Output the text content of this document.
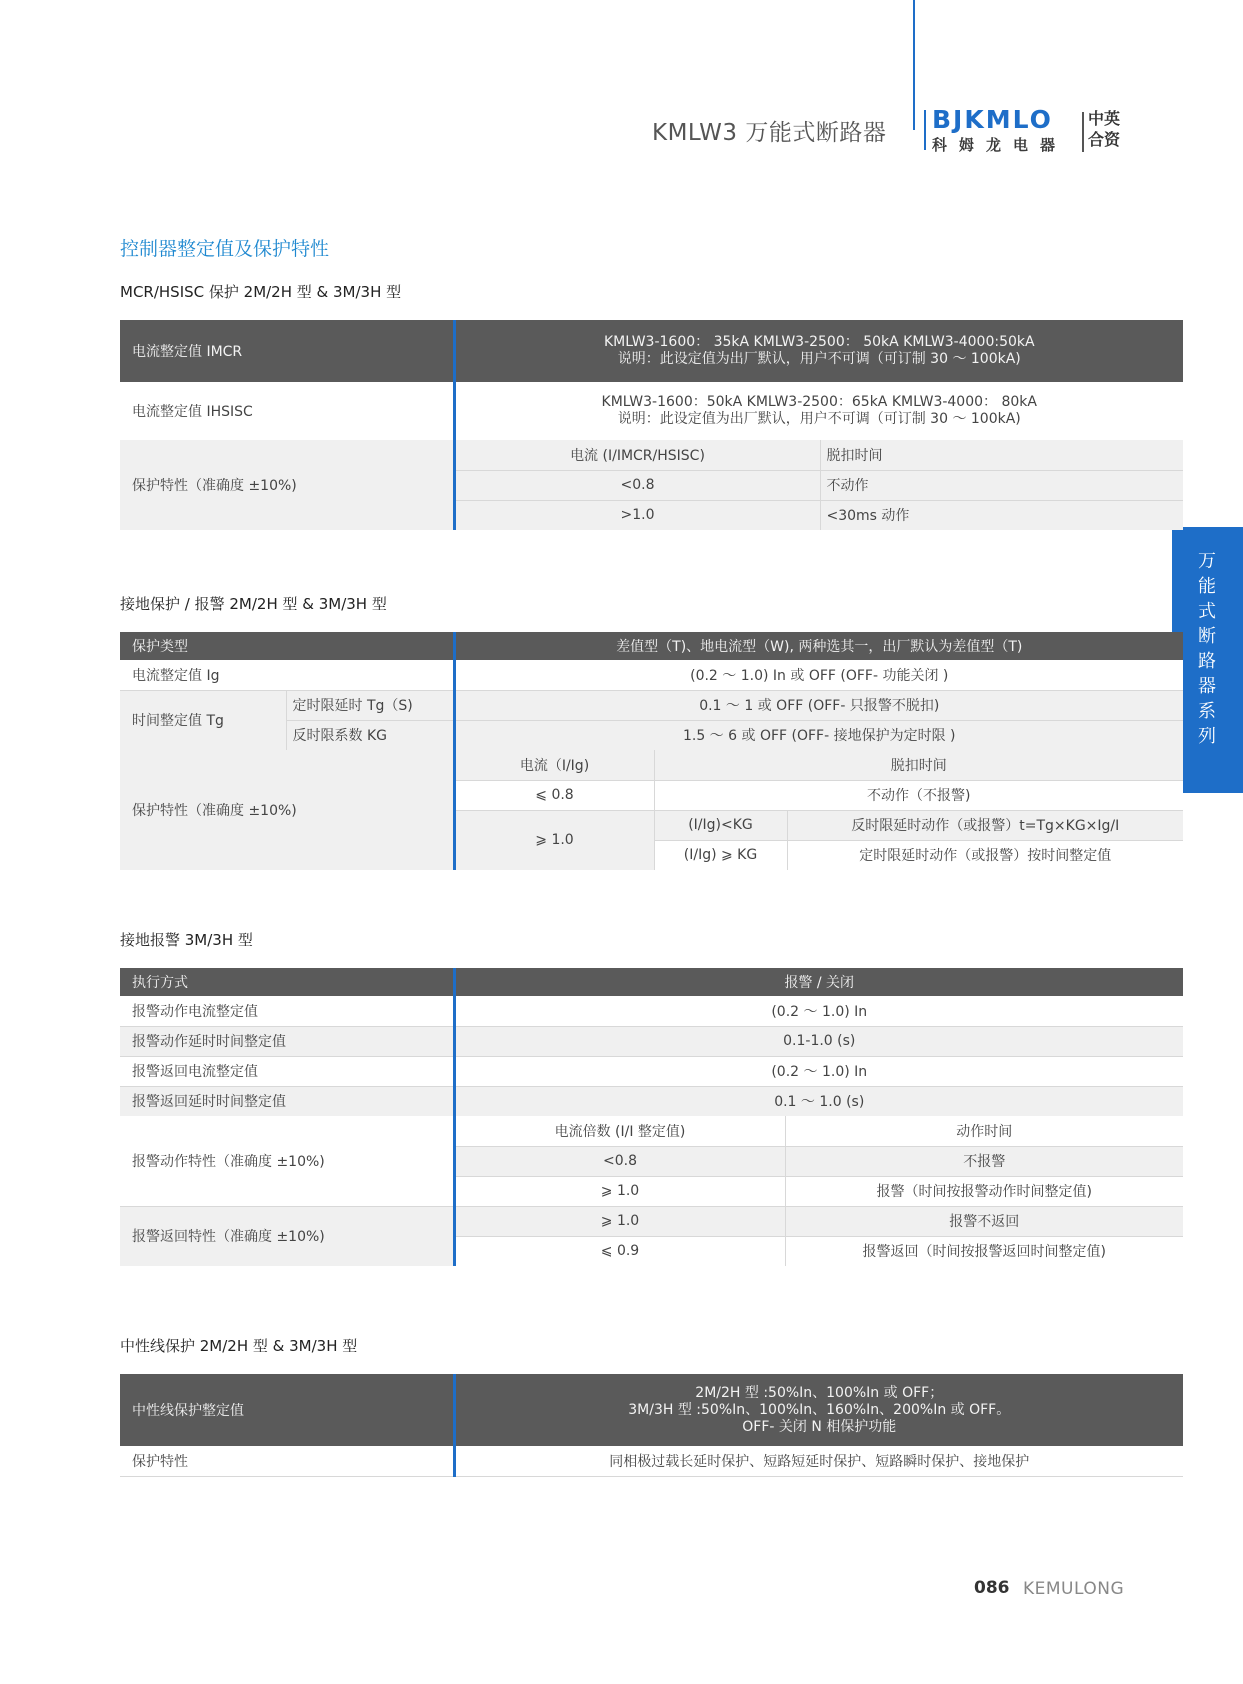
KMLW3 万能式断路器 BJKMLO
科姆龙电器
中英合资
控制器整定值及保护特性
万能式断路器系列
MCR/HSISC 保护 2M/2H 型 & 3M/3H 型
电流整定值 IMCR	KMLW3-1600： 35kA KMLW3-2500： 50kA KMLW3-4000:50kA
说明：此设定值为出厂默认，用户不可调（可订制 30 ～ 100kA)	

电流整定值 IHSISC	KMLW3-1600：50kA KMLW3-2500：65kA KMLW3-4000： 80kA
说明：此设定值为出厂默认，用户不可调（可订制 30 ～ 100kA)	

保护特性（准确度 ±10%)	电流 (I/IMCR/HSISC)	脱扣时间
	<0.8	不动作
	>1.0	<30ms 动作
接地保护 / 报警 2M/2H 型 & 3M/3H 型
保护类型		差值型（T)、地电流型（W), 两种选其一，出厂默认为差值型（T)		
电流整定值 Ig		(0.2 ～ 1.0) In 或 OFF (OFF- 功能关闭 )		
时间整定值 Tg	定时限延时 Tg（S)	0.1 ～ 1 或 OFF (OFF- 只报警不脱扣)		
	反时限系数 KG	1.5 ～ 6 或 OFF (OFF- 接地保护为定时限 )		
保护特性（准确度 ±10%)		电流（I/Ig)	脱扣时间	
		⩽ 0.8	不动作（不报警)	
		⩾ 1.0	(I/Ig)<KG	反时限延时动作（或报警）t=Tg×KG×Ig/I
			(I/Ig) ⩾ KG	定时限延时动作（或报警）按时间整定值
接地报警 3M/3H 型
执行方式	报警 / 关闭	
报警动作电流整定值	(0.2 ～ 1.0) In	
报警动作延时时间整定值	0.1-1.0 (s)	
报警返回电流整定值	(0.2 ～ 1.0) In	
报警返回延时时间整定值	0.1 ～ 1.0 (s)	
报警动作特性（准确度 ±10%)	电流倍数 (I/I 整定值)	动作时间
	<0.8	不报警
	⩾ 1.0	报警（时间按报警动作时间整定值)
报警返回特性（准确度 ±10%)	⩾ 1.0	报警不返回
	⩽ 0.9	报警返回（时间按报警返回时间整定值)
中性线保护 2M/2H 型 & 3M/3H 型
中性线保护整定值	2M/2H 型 :50%In、100%In 或 OFF；
3M/3H 型 :50%In、100%In、160%In、200%In 或 OFF。
OFF- 关闭 N 相保护功能

保护特性	同相极过载长延时保护、短路短延时保护、短路瞬时保护、接地保护
086 KEMULONG
